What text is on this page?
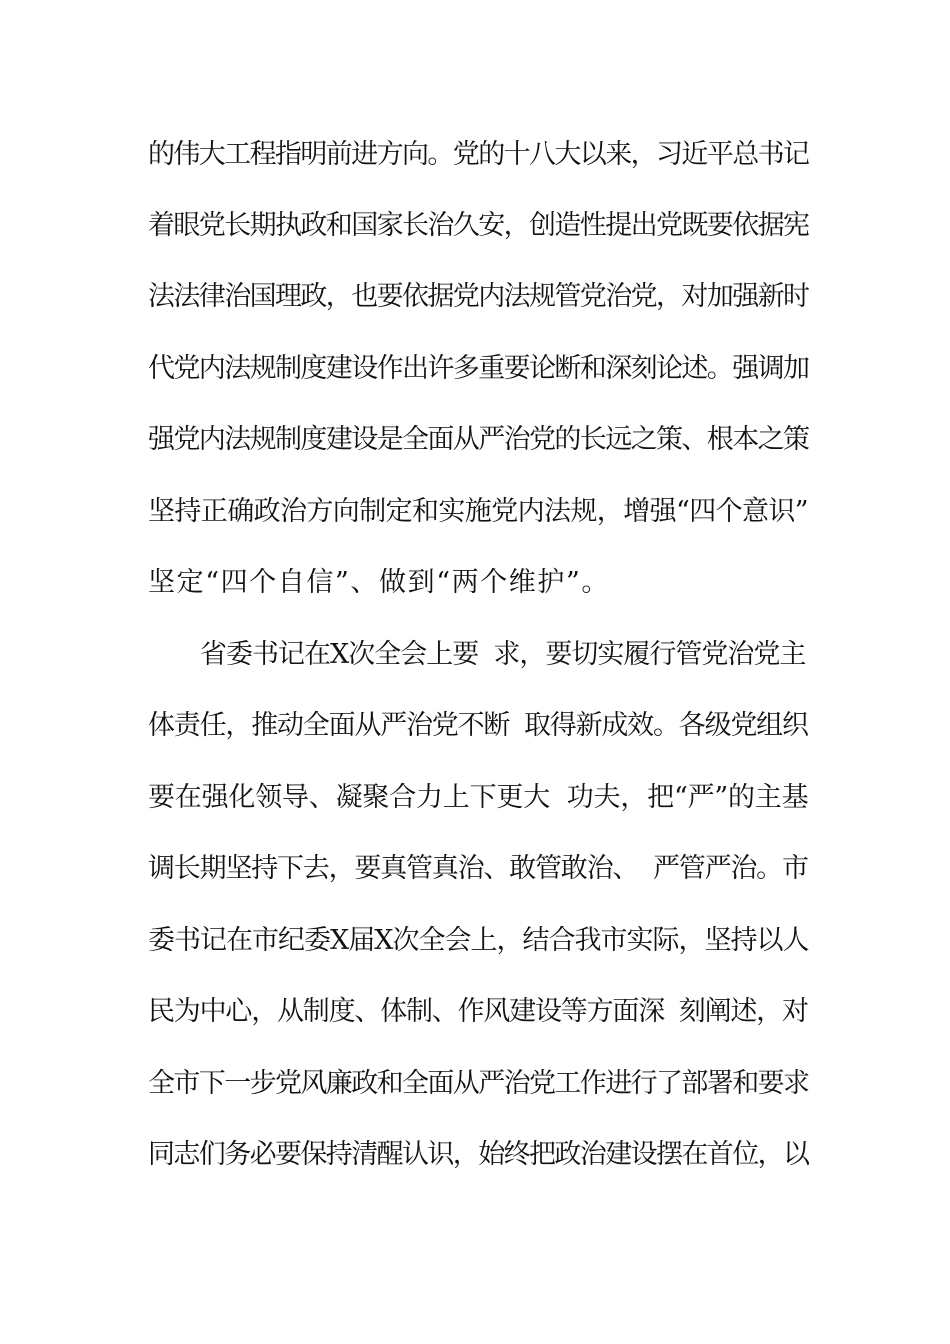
的伟大工程指明前进方向。党的十八大以来，习近平总书记
着眼党长期执政和国家长治久安，创造性提出党既要依据宪
法法律治国理政，也要依据党内法规管党治党，对加强新时
代党内法规制度建设作出许多重要论断和深刻论述。强调加
强党内法规制度建设是全面从严治党的长远之策、根本之策
坚持正确政治方向制定和实施党内法规，增强“四个意识”
坚定“四个自信”、做到“两个维护”。
省委书记在X次全会上要  求，要切实履行管党治党主
体责任，推动全面从严治党不断  取得新成效。各级党组织
要在强化领导、凝聚合力上下更大  功夫，把“严”的主基
调长期坚持下去，要真管真治、敢管敢治、  严管严治。市
委书记在市纪委X届X次全会上，结合我市实际，坚持以人
民为中心，从制度、体制、作风建设等方面深  刻阐述，对
全市下一步党风廉政和全面从严治党工作进行了部署和要求
同志们务必要保持清醒认识，始终把政治建设摆在首位，以
